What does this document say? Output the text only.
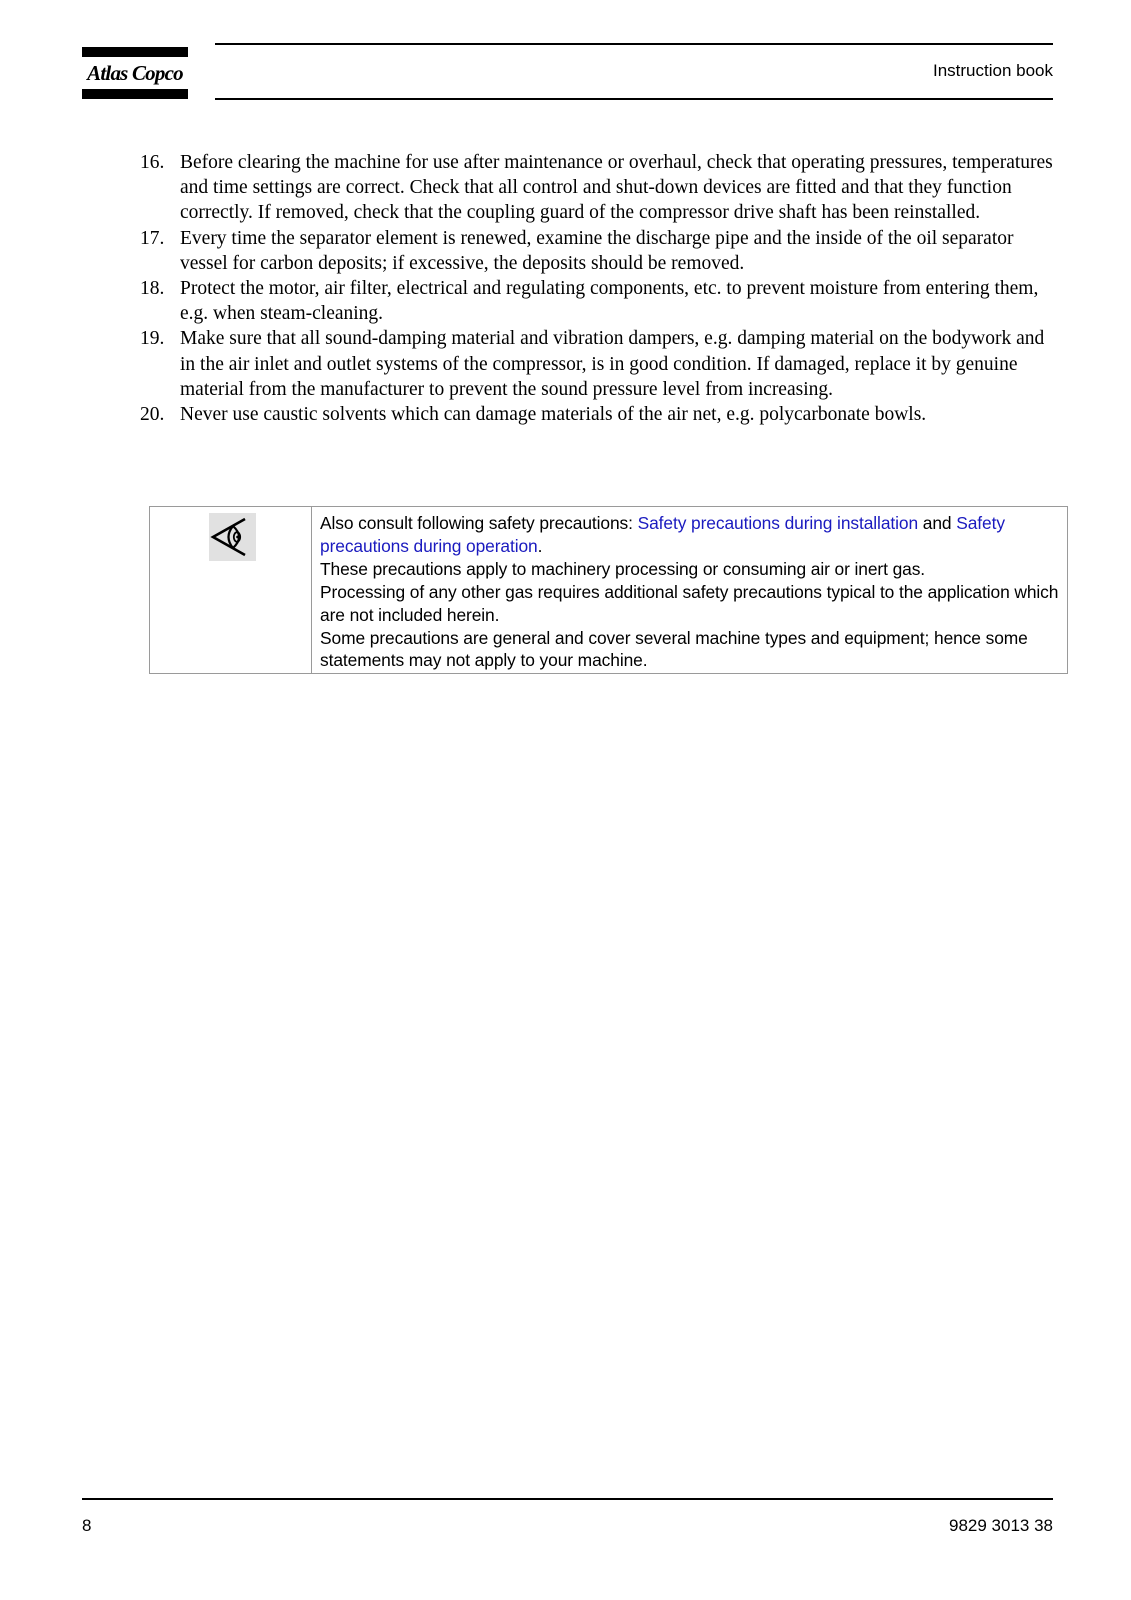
Atlas Copco	Instruction book
16. Before clearing the machine for use after maintenance or overhaul, check that operating pressures, temperatures and time settings are correct. Check that all control and shut-down devices are fitted and that they function correctly. If removed, check that the coupling guard of the compressor drive shaft has been reinstalled.
17. Every time the separator element is renewed, examine the discharge pipe and the inside of the oil separator vessel for carbon deposits; if excessive, the deposits should be removed.
18. Protect the motor, air filter, electrical and regulating components, etc. to prevent moisture from entering them, e.g. when steam-cleaning.
19. Make sure that all sound-damping material and vibration dampers, e.g. damping material on the bodywork and in the air inlet and outlet systems of the compressor, is in good condition. If damaged, replace it by genuine material from the manufacturer to prevent the sound pressure level from increasing.
20. Never use caustic solvents which can damage materials of the air net, e.g. polycarbonate bowls.
Also consult following safety precautions: Safety precautions during installation and Safety precautions during operation.
These precautions apply to machinery processing or consuming air or inert gas.
Processing of any other gas requires additional safety precautions typical to the application which are not included herein.
Some precautions are general and cover several machine types and equipment; hence some statements may not apply to your machine.
8	9829 3013 38
